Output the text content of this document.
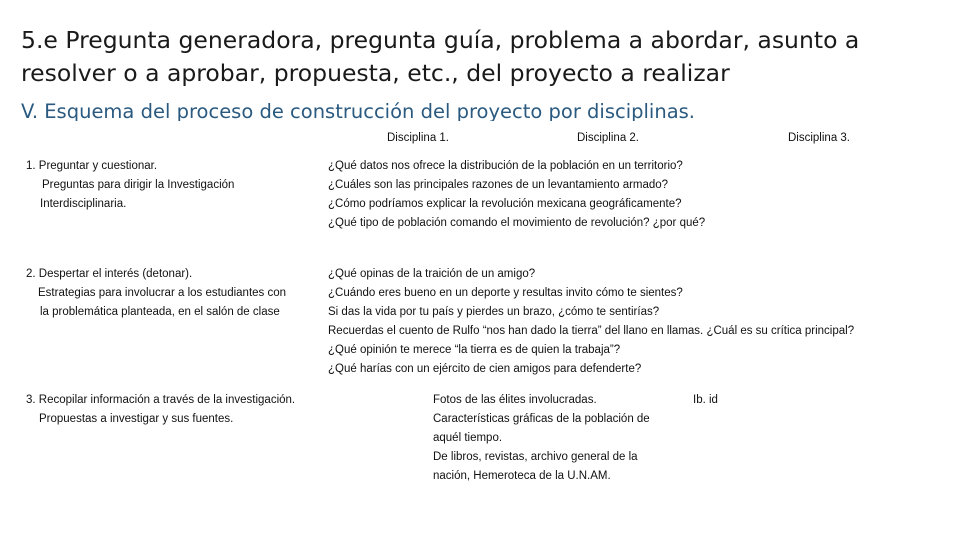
5.e Pregunta generadora, pregunta guía, problema a abordar, asunto a
resolver o a aprobar, propuesta, etc., del proyecto a realizar
V. Esquema del proceso de construcción del proyecto por disciplinas.
Disciplina 1.	Disciplina 2.	Disciplina 3.
1. Preguntar y cuestionar.
Preguntas para dirigir la Investigación
Interdisciplinaria.
¿Qué datos nos ofrece la distribución de la población en un territorio?
¿Cuáles son las principales razones de un levantamiento armado?
¿Cómo podríamos explicar la revolución mexicana geográficamente?
¿Qué tipo de población comando el movimiento de revolución? ¿por qué?
2. Despertar el interés (detonar).
Estrategias para involucrar a los estudiantes con
la problemática planteada, en el salón de clase
¿Qué opinas de la traición de un amigo?
¿Cuándo eres bueno en un deporte y resultas invito cómo te sientes?
Si das la vida por tu país y pierdes un brazo, ¿cómo te sentirías?
Recuerdas el cuento de Rulfo “nos han dado la tierra” del llano en llamas. ¿Cuál es su crítica principal?
¿Qué opinión te merece “la tierra es de quien la trabaja”?
¿Qué harías con un ejército de cien amigos para defenderte?
3. Recopilar información a través de la investigación.
Propuestas a investigar y sus fuentes.
Fotos de las élites involucradas.
Características gráficas de la población de
aquél tiempo.
De libros, revistas, archivo general de la
nación, Hemeroteca de la U.N.AM.
Ib. id
